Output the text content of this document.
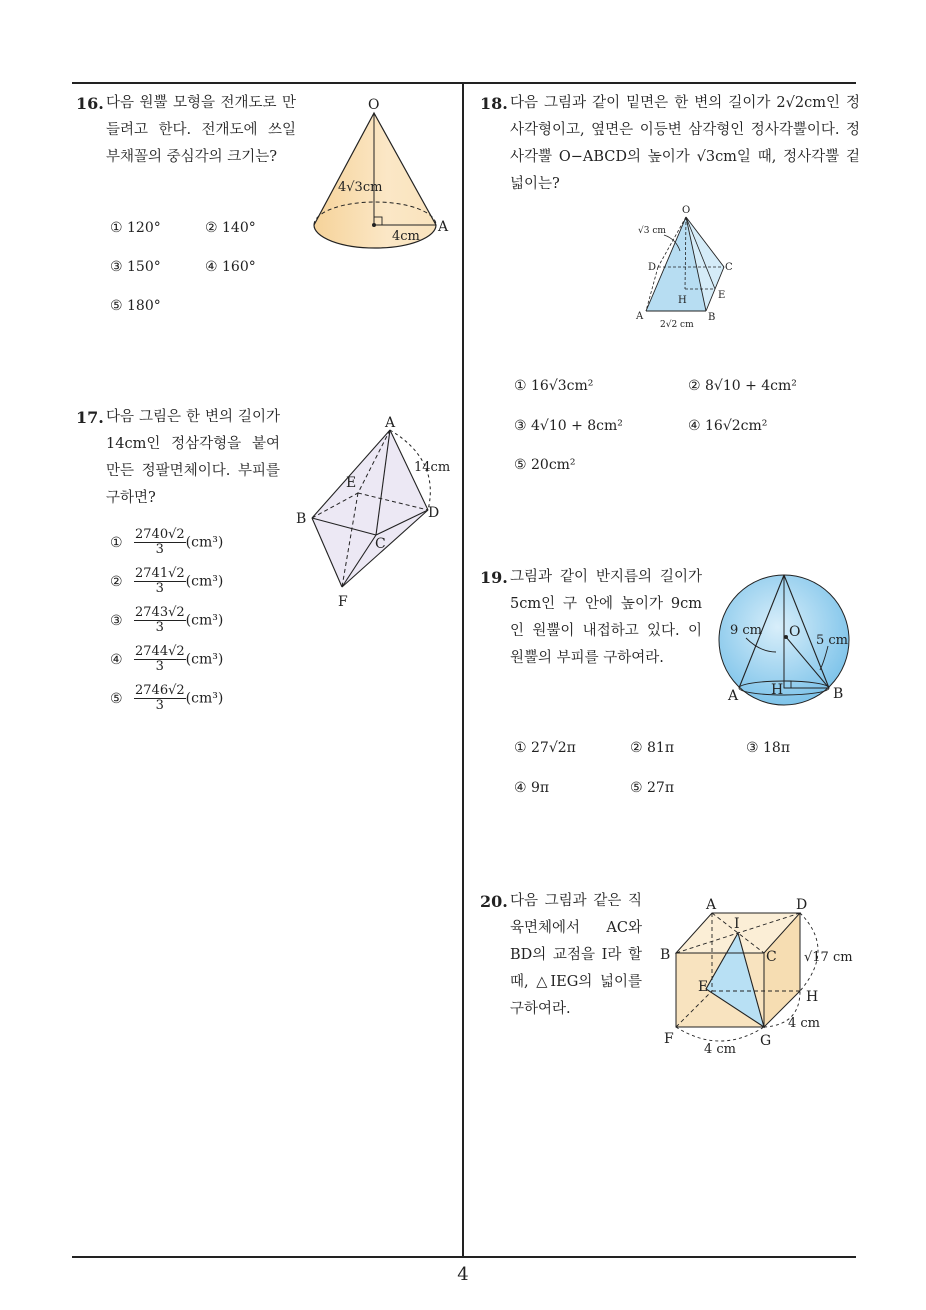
16. 다음 원뿔 모형을 전개도로 만들려고 한다. 전개도에 쓰일 부채꼴의 중심각의 크기는?
① 120°	② 140°
③ 150°	④ 160°
⑤ 180°
O
A
4√3cm
4cm
17. 다음 그림은 한 변의 길이가 14cm인 정삼각형을 붙여 만든 정팔면체이다. 부피를 구하면?
① $\frac{2740√2}{3} (cm^3)$
② $\frac{2741√2}{3} (cm^3)$
③ $\frac{2743√2}{3} (cm^3)$
④ $\frac{2744√2}{3} (cm^3)$
⑤ $\frac{2746√2}{3} (cm^3)$
A
B
C
D
E
F
14cm
18. 다음 그림과 같이 밑면은 한 변의 길이가 2√2cm인 정사각형이고, 옆면은 이등변 삼각형인 정사각뿔이다. 정사각뿔 O−ABCD의 높이가 √3cm일 때, 정사각뿔 겉넓이는?
O
√3 cm
D	C
H	E
A	B
2√2 cm
① 16√3cm²	② 8√10 + 4cm²
③ 4√10 + 8cm²	④ 16√2cm²
⑤ 20cm²
19. 그림과 같이 반지름의 길이가 5cm인 구 안에 높이가 9cm인 원뿔이 내접하고 있다. 이 원뿔의 부피를 구하여라.
O
9 cm
5 cm
A H	B
① 27√2π	② 81π	③ 18π
④ 9π	⑤ 27π
20. 다음 그림과 같은 직육면체에서 AC와 BD의 교점을 I라 할 때, △IEG의 넓이를 구하여라.
A	D
I
B	C √17 cm
E
H
4 cm
F	G
4 cm
4
